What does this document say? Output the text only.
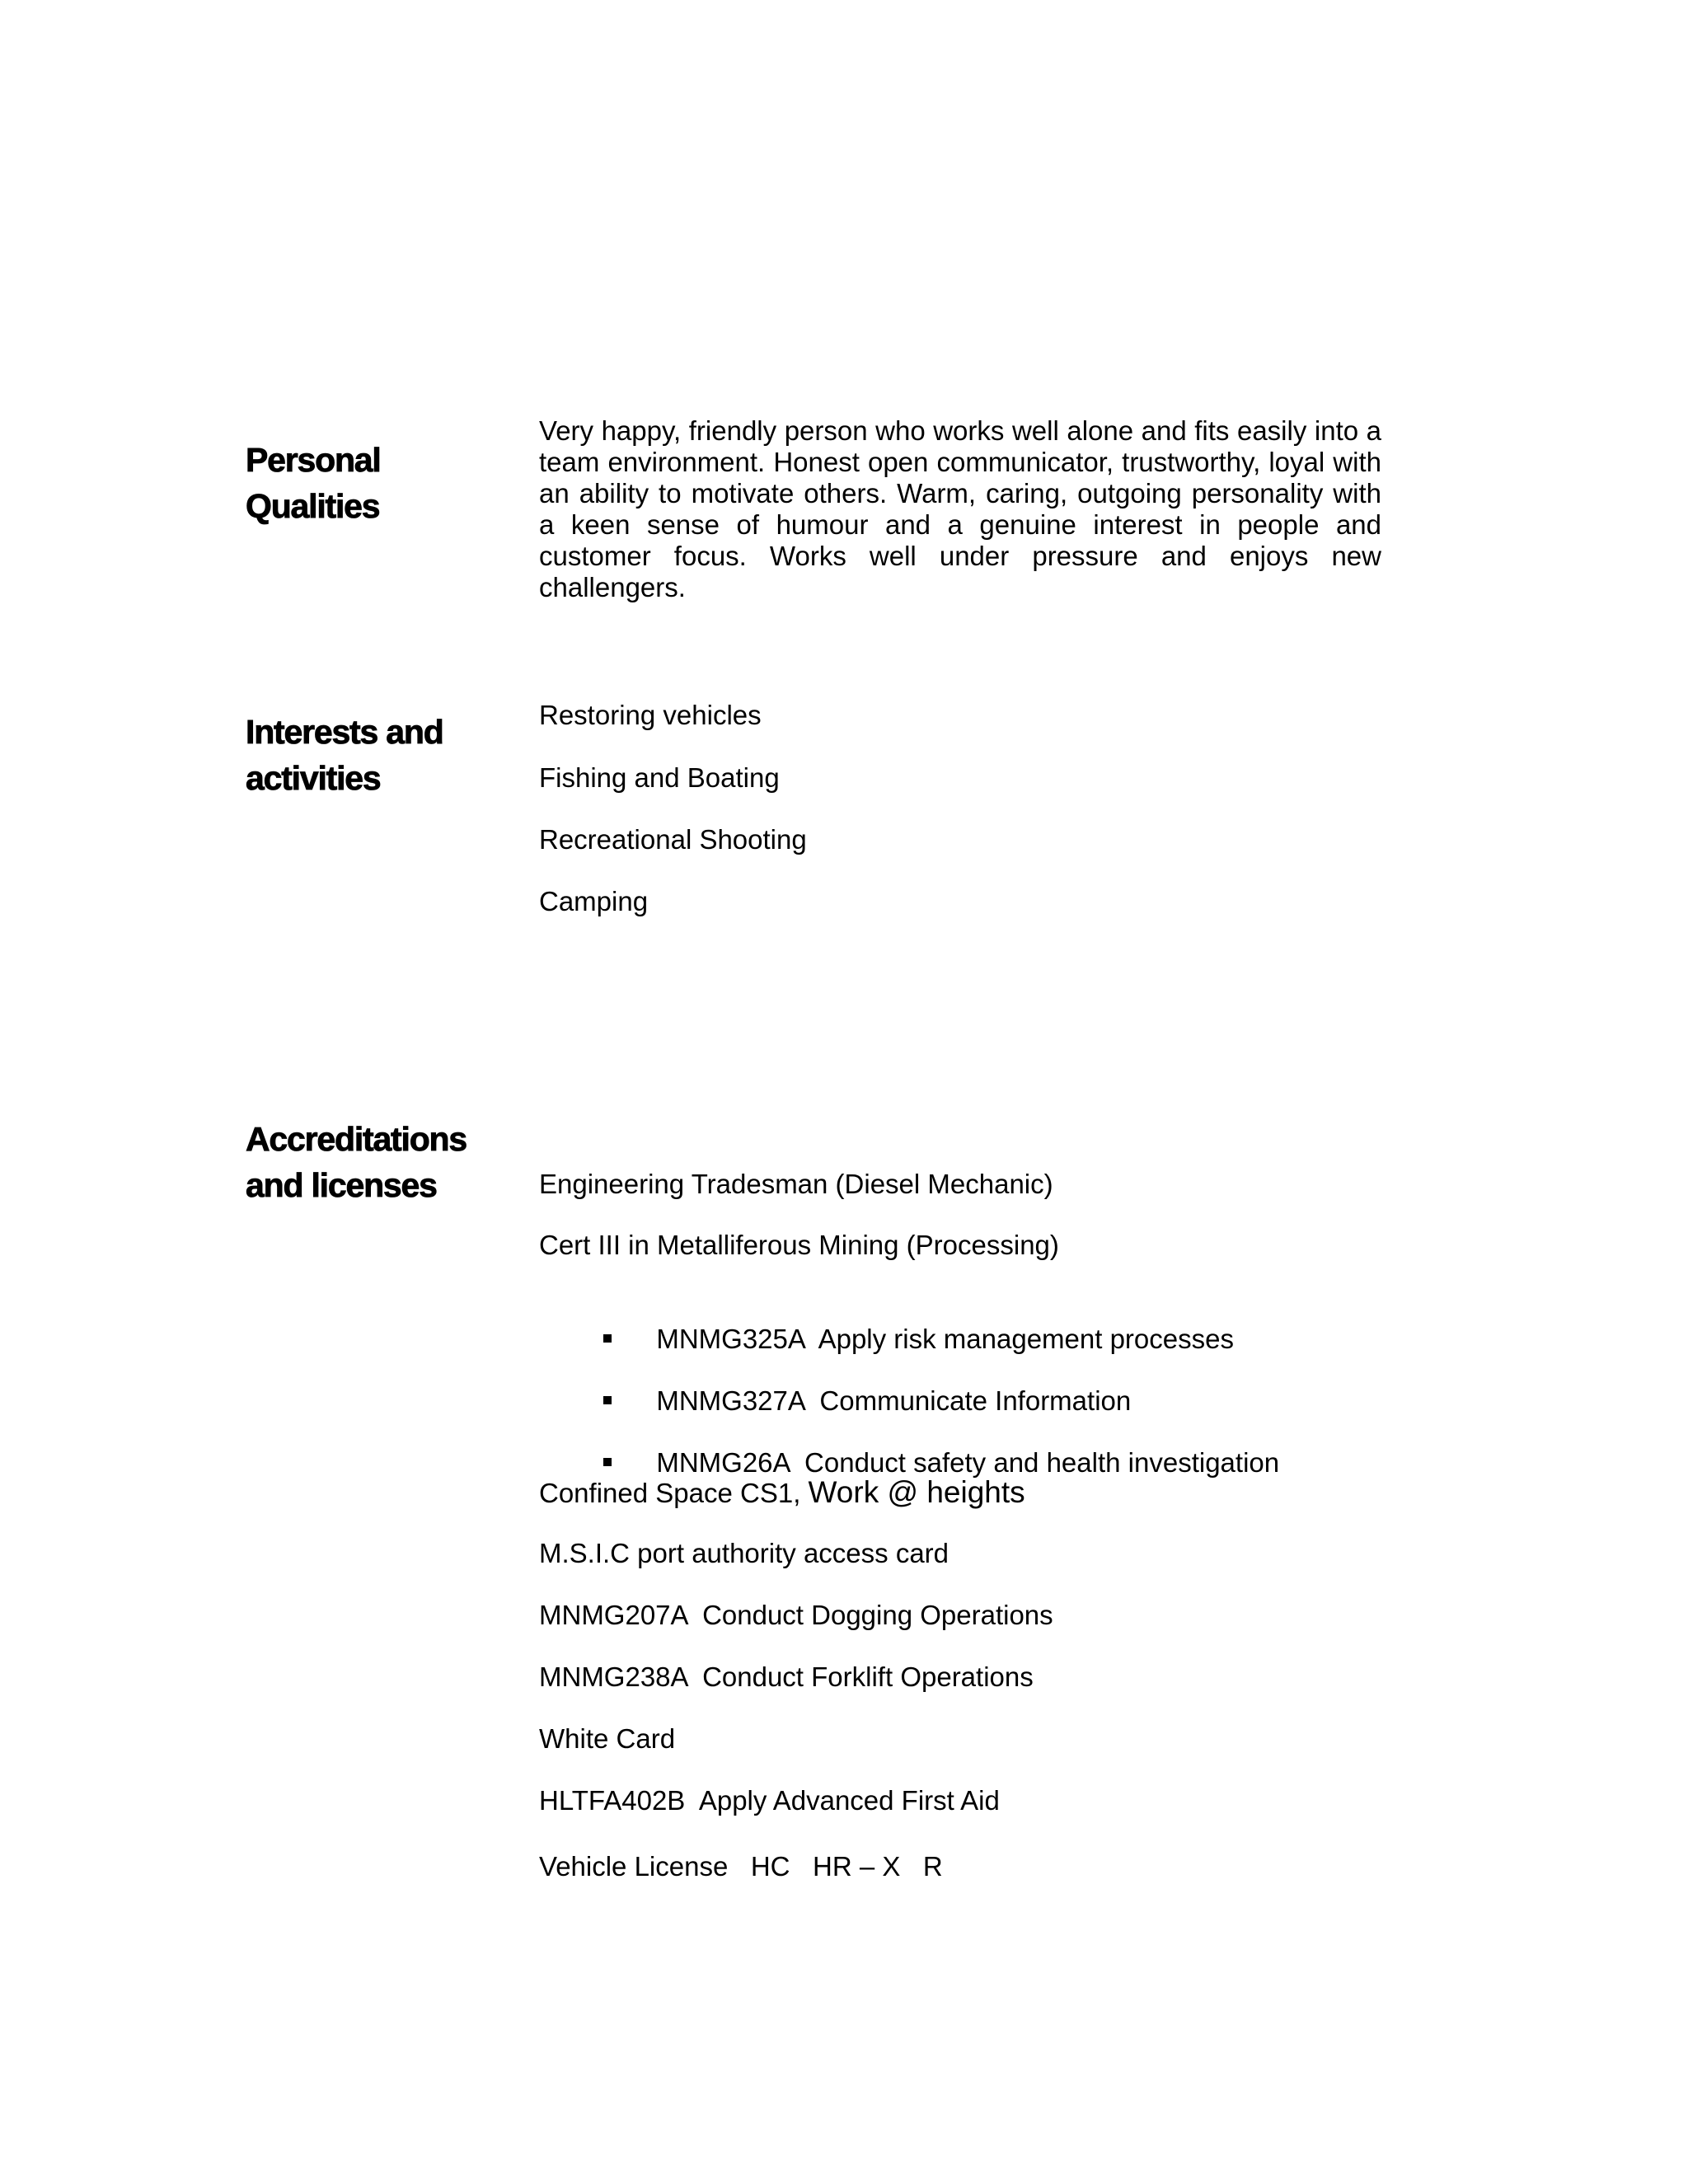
Personal
Qualities

Very happy, friendly person who works well alone and fits easily into a team environment. Honest open communicator, trustworthy, loyal with an ability to motivate others. Warm, caring, outgoing personality with a keen sense of humour and a genuine interest in people and customer focus. Works well under pressure and enjoys new challengers.

Interests and
activities

Restoring vehicles

Fishing and Boating

Recreational Shooting

Camping

Accreditations
and licenses	Engineering Tradesman (Diesel Mechanic)

Cert III in Metalliferous Mining (Processing)

MNMG325A  Apply risk management processes

MNMG327A  Communicate Information

MNMG26A  Conduct safety and health investigation

Confined Space CS1, Work @ heights

M.S.I.C port authority access card

MNMG207A  Conduct Dogging Operations

MNMG238A  Conduct Forklift Operations

White Card

HLTFA402B  Apply Advanced First Aid

Vehicle License   HC   HR – X   R
